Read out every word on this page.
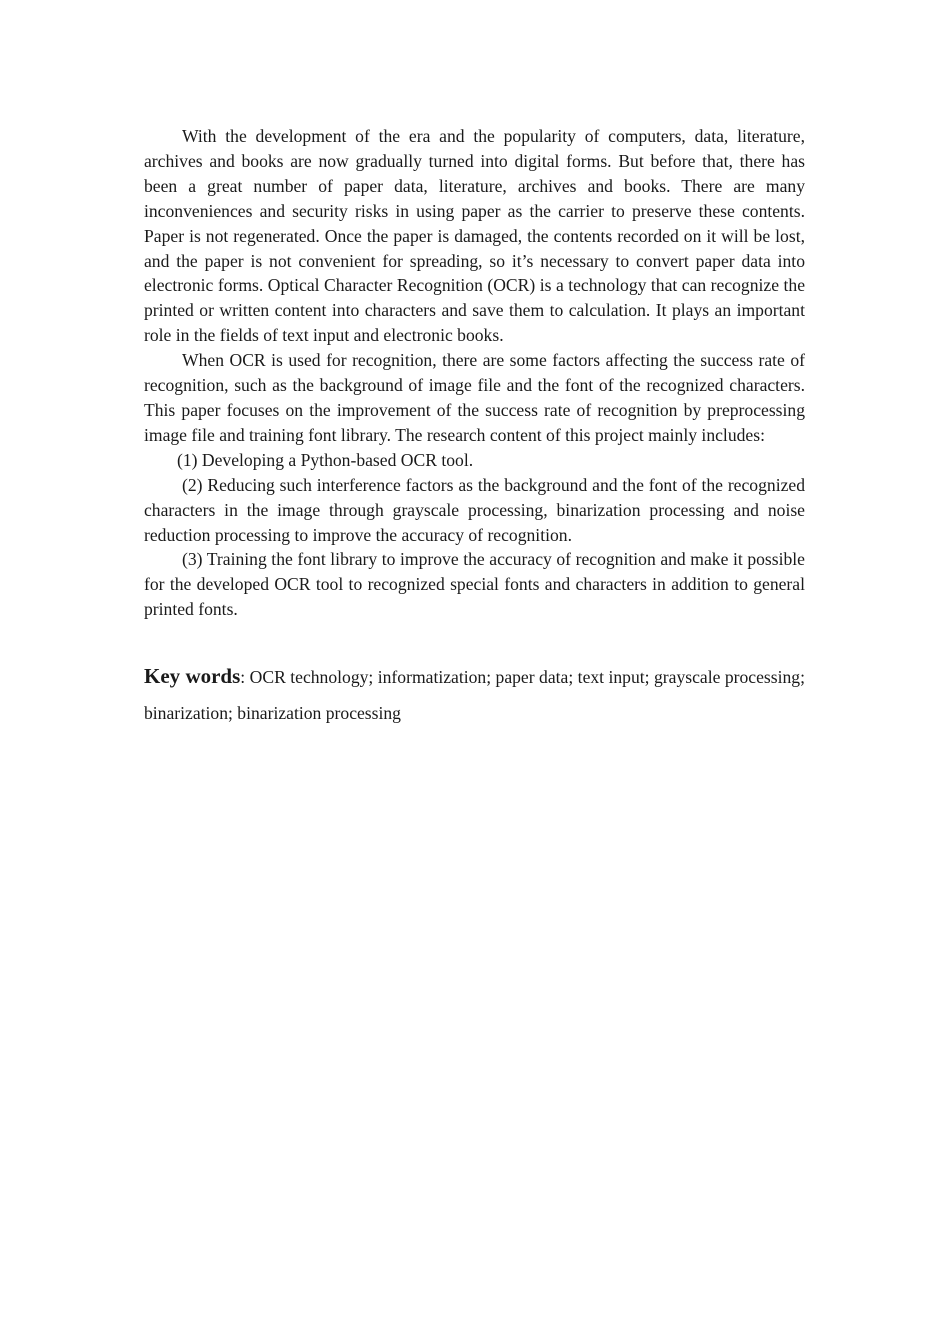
With the development of the era and the popularity of computers, data, literature, archives and books are now gradually turned into digital forms. But before that, there has been a great number of paper data, literature, archives and books. There are many inconveniences and security risks in using paper as the carrier to preserve these contents. Paper is not regenerated. Once the paper is damaged, the contents recorded on it will be lost, and the paper is not convenient for spreading, so it’s necessary to convert paper data into electronic forms. Optical Character Recognition (OCR) is a technology that can recognize the printed or written content into characters and save them to calculation. It plays an important role in the fields of text input and electronic books.

When OCR is used for recognition, there are some factors affecting the success rate of recognition, such as the background of image file and the font of the recognized characters. This paper focuses on the improvement of the success rate of recognition by preprocessing image file and training font library. The research content of this project mainly includes:

(1) Developing a Python-based OCR tool.

(2) Reducing such interference factors as the background and the font of the recognized characters in the image through grayscale processing, binarization processing and noise reduction processing to improve the accuracy of recognition.

(3) Training the font library to improve the accuracy of recognition and make it possible for the developed OCR tool to recognized special fonts and characters in addition to general printed fonts.

Key words: OCR technology; informatization; paper data; text input; grayscale processing; binarization; binarization processing
